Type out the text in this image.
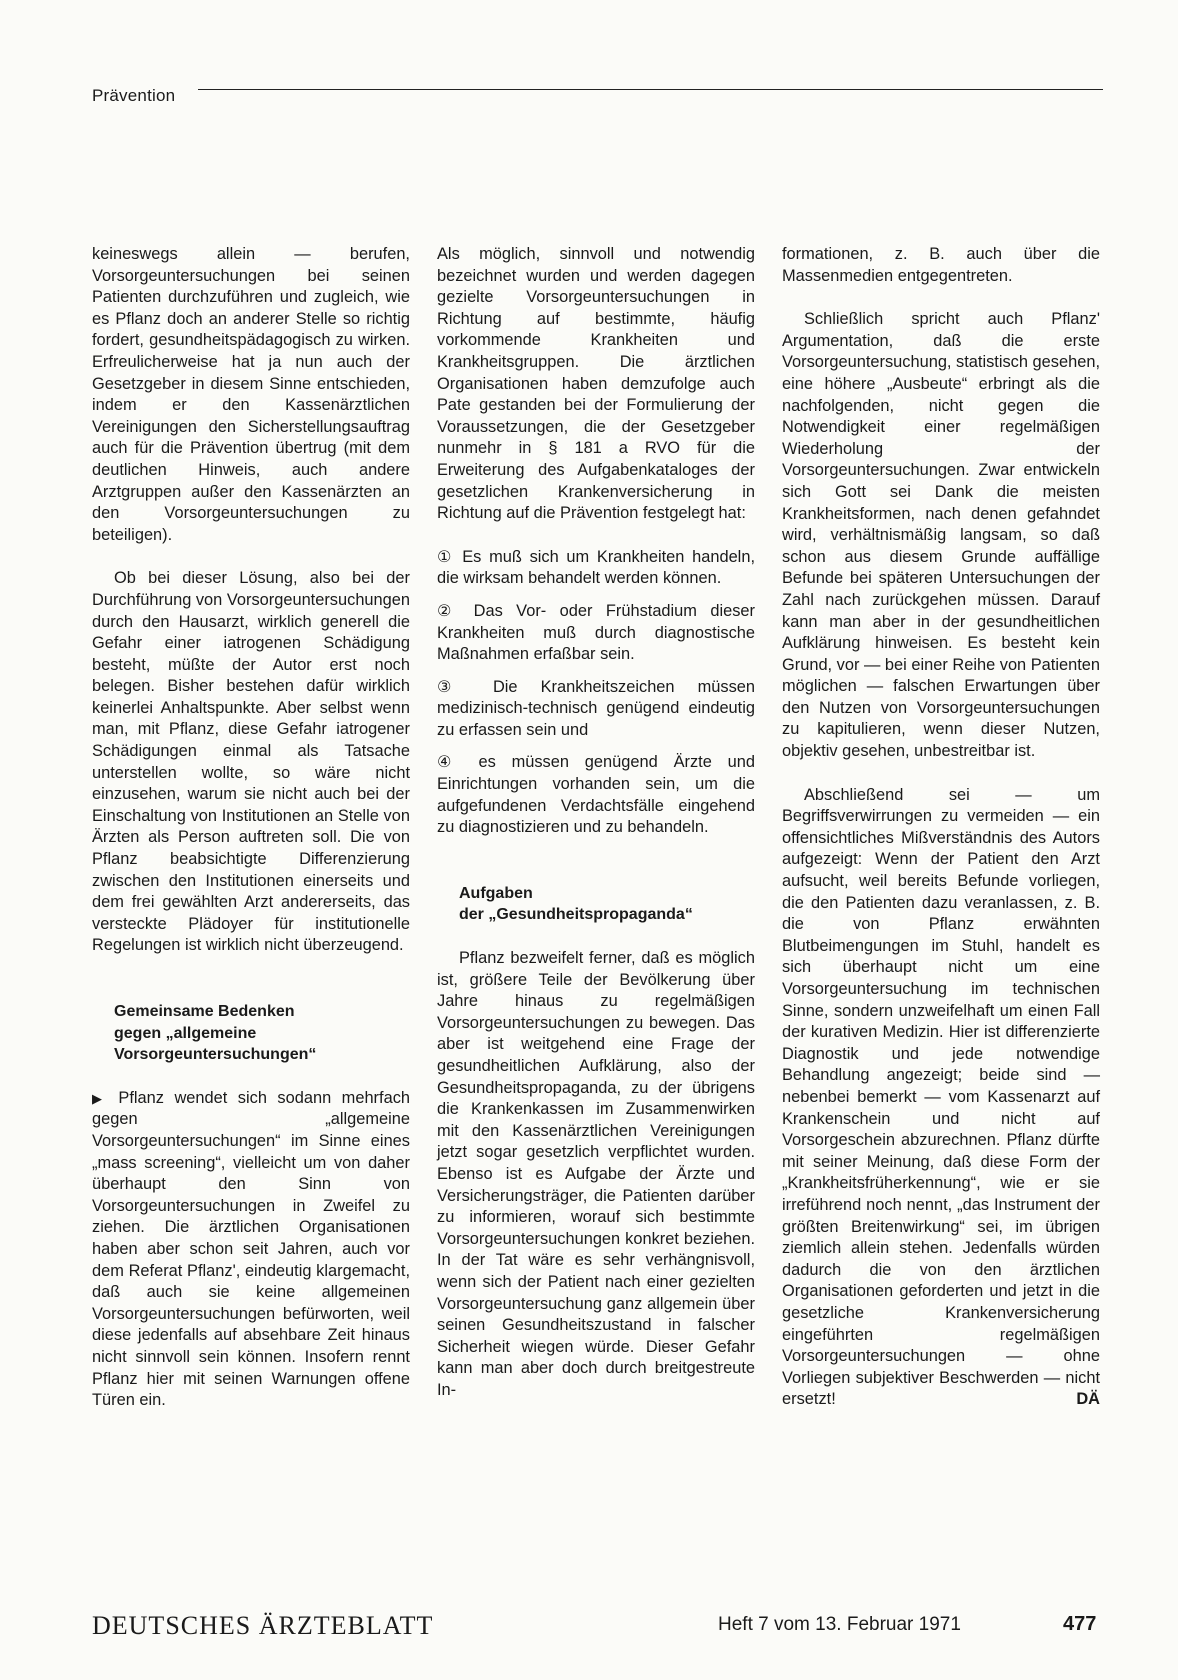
Prävention

keineswegs allein — berufen, Vorsorgeuntersuchungen bei seinen Patienten durchzuführen und zugleich, wie es Pflanz doch an anderer Stelle so richtig fordert, gesundheitspädagogisch zu wirken. Erfreulicherweise hat ja nun auch der Gesetzgeber in diesem Sinne entschieden, indem er den Kassenärztlichen Vereinigungen den Sicherstellungsauftrag auch für die Prävention übertrug (mit dem deutlichen Hinweis, auch andere Arztgruppen außer den Kassenärzten an den Vorsorgeuntersuchungen zu beteiligen).

Ob bei dieser Lösung, also bei der Durchführung von Vorsorgeuntersuchungen durch den Hausarzt, wirklich generell die Gefahr einer iatrogenen Schädigung besteht, müßte der Autor erst noch belegen. Bisher bestehen dafür wirklich keinerlei Anhaltspunkte. Aber selbst wenn man, mit Pflanz, diese Gefahr iatrogener Schädigungen einmal als Tatsache unterstellen wollte, so wäre nicht einzusehen, warum sie nicht auch bei der Einschaltung von Institutionen an Stelle von Ärzten als Person auftreten soll. Die von Pflanz beabsichtigte Differenzierung zwischen den Institutionen einerseits und dem frei gewählten Arzt andererseits, das versteckte Plädoyer für institutionelle Regelungen ist wirklich nicht überzeugend.

Gemeinsame Bedenken

gegen „allgemeine

Vorsorgeuntersuchungen“

▶ Pflanz wendet sich sodann mehrfach gegen „allgemeine Vorsorgeuntersuchungen“ im Sinne eines „mass screening“, vielleicht um von daher überhaupt den Sinn von Vorsorgeuntersuchungen in Zweifel zu ziehen. Die ärztlichen Organisationen haben aber schon seit Jahren, auch vor dem Referat Pflanz', eindeutig klargemacht, daß auch sie keine allgemeinen Vorsorgeuntersuchungen befürworten, weil diese jedenfalls auf absehbare Zeit hinaus nicht sinnvoll sein können. Insofern rennt Pflanz hier mit seinen Warnungen offene Türen ein.

Als möglich, sinnvoll und notwendig bezeichnet wurden und werden dagegen gezielte Vorsorgeuntersuchungen in Richtung auf bestimmte, häufig vorkommende Krankheiten und Krankheitsgruppen. Die ärztlichen Organisationen haben demzufolge auch Pate gestanden bei der Formulierung der Voraussetzungen, die der Gesetzgeber nunmehr in § 181 a RVO für die Erweiterung des Aufgabenkataloges der gesetzlichen Krankenversicherung in Richtung auf die Prävention festgelegt hat:

① Es muß sich um Krankheiten handeln, die wirksam behandelt werden können.

② Das Vor- oder Frühstadium dieser Krankheiten muß durch diagnostische Maßnahmen erfaßbar sein.

③ Die Krankheitszeichen müssen medizinisch-technisch genügend eindeutig zu erfassen sein und

④ es müssen genügend Ärzte und Einrichtungen vorhanden sein, um die aufgefundenen Verdachtsfälle eingehend zu diagnostizieren und zu behandeln.

Aufgaben

der „Gesundheitspropaganda“

Pflanz bezweifelt ferner, daß es möglich ist, größere Teile der Bevölkerung über Jahre hinaus zu regelmäßigen Vorsorgeuntersuchungen zu bewegen. Das aber ist weitgehend eine Frage der gesundheitlichen Aufklärung, also der Gesundheitspropaganda, zu der übrigens die Krankenkassen im Zusammenwirken mit den Kassenärztlichen Vereinigungen jetzt sogar gesetzlich verpflichtet wurden. Ebenso ist es Aufgabe der Ärzte und Versicherungsträger, die Patienten darüber zu informieren, worauf sich bestimmte Vorsorgeuntersuchungen konkret beziehen. In der Tat wäre es sehr verhängnisvoll, wenn sich der Patient nach einer gezielten Vorsorgeuntersuchung ganz allgemein über seinen Gesundheitszustand in falscher Sicherheit wiegen würde. Dieser Gefahr kann man aber doch durch breitgestreute In-

formationen, z. B. auch über die Massenmedien entgegentreten.

Schließlich spricht auch Pflanz' Argumentation, daß die erste Vorsorgeuntersuchung, statistisch gesehen, eine höhere „Ausbeute“ erbringt als die nachfolgenden, nicht gegen die Notwendigkeit einer regelmäßigen Wiederholung der Vorsorgeuntersuchungen. Zwar entwickeln sich Gott sei Dank die meisten Krankheitsformen, nach denen gefahndet wird, verhältnismäßig langsam, so daß schon aus diesem Grunde auffällige Befunde bei späteren Untersuchungen der Zahl nach zurückgehen müssen. Darauf kann man aber in der gesundheitlichen Aufklärung hinweisen. Es besteht kein Grund, vor — bei einer Reihe von Patienten möglichen — falschen Erwartungen über den Nutzen von Vorsorgeuntersuchungen zu kapitulieren, wenn dieser Nutzen, objektiv gesehen, unbestreitbar ist.

Abschließend sei — um Begriffsverwirrungen zu vermeiden — ein offensichtliches Mißverständnis des Autors aufgezeigt: Wenn der Patient den Arzt aufsucht, weil bereits Befunde vorliegen, die den Patienten dazu veranlassen, z. B. die von Pflanz erwähnten Blutbeimengungen im Stuhl, handelt es sich überhaupt nicht um eine Vorsorgeuntersuchung im technischen Sinne, sondern unzweifelhaft um einen Fall der kurativen Medizin. Hier ist differenzierte Diagnostik und jede notwendige Behandlung angezeigt; beide sind — nebenbei bemerkt — vom Kassenarzt auf Krankenschein und nicht auf Vorsorgeschein abzurechnen. Pflanz dürfte mit seiner Meinung, daß diese Form der „Krankheitsfrüherkennung“, wie er sie irreführend noch nennt, „das Instrument der größten Breitenwirkung“ sei, im übrigen ziemlich allein stehen. Jedenfalls würden dadurch die von den ärztlichen Organisationen geforderten und jetzt in die gesetzliche Krankenversicherung eingeführten regelmäßigen Vorsorgeuntersuchungen — ohne Vorliegen subjektiver Beschwerden — nicht ersetzt!	DÄ

DEUTSCHES ÄRZTEBLATT	Heft 7 vom 13. Februar 1971	477
